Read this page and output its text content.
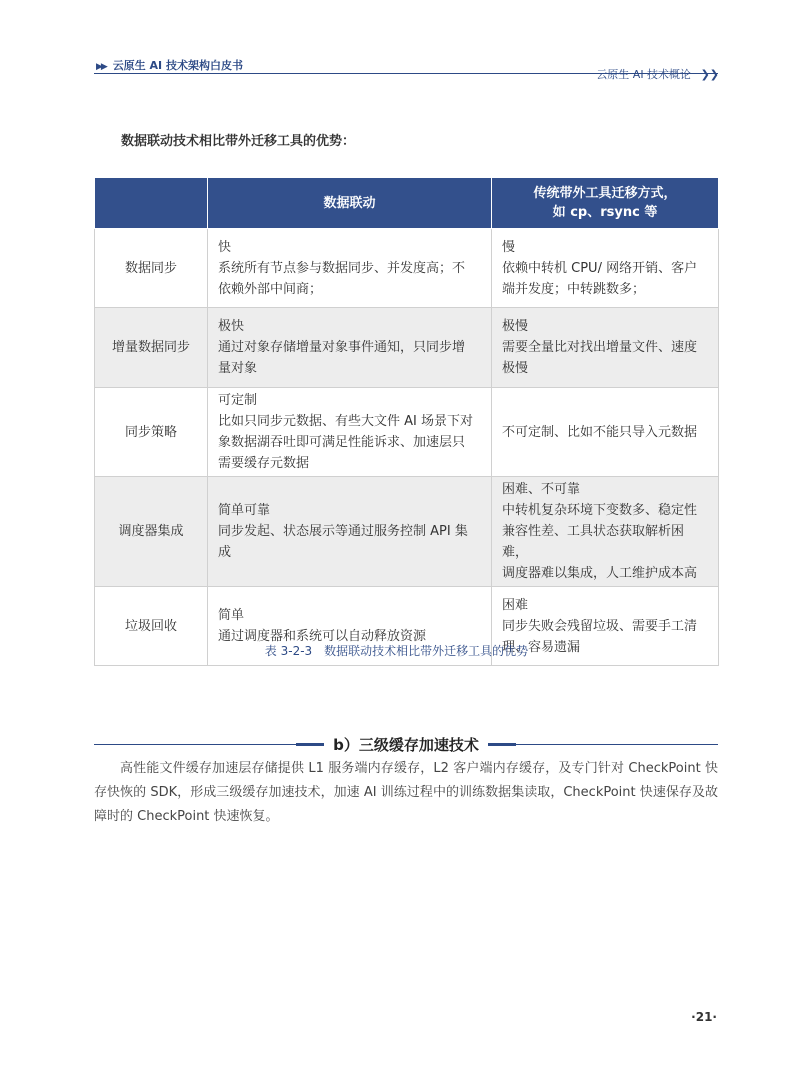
▶▶ 云原生 AI 技术架构白皮书
云原生 AI 技术概论 ❯❯
数据联动技术相比带外迁移工具的优势：
	数据联动	传统带外工具迁移方式，
如 cp、rsync 等

数据同步	快
系统所有节点参与数据同步、并发度高；不
依赖外部中间商；	慢
依赖中转机 CPU/ 网络开销、客户
端并发度；中转跳数多；

增量数据同步	极快
通过对象存储增量对象事件通知，只同步增
量对象	极慢
需要全量比对找出增量文件、速度
极慢

同步策略	可定制
比如只同步元数据、有些大文件 AI 场景下对
象数据湖吞吐即可满足性能诉求、加速层只
需要缓存元数据	不可定制、比如不能只导入元数据

调度器集成	简单可靠
同步发起、状态展示等通过服务控制 API 集
成	困难、不可靠
中转机复杂环境下变数多、稳定性
兼容性差、工具状态获取解析困难，
调度器难以集成，人工维护成本高

垃圾回收	简单
通过调度器和系统可以自动释放资源	困难
同步失败会残留垃圾、需要手工清
理、容易遗漏
表 3-2-3　数据联动技术相比带外迁移工具的优势
b）三级缓存加速技术
高性能文件缓存加速层存储提供 L1 服务端内存缓存，L2 客户端内存缓存，及专门针对 CheckPoint 快存快恢的 SDK，形成三级缓存加速技术，加速 AI 训练过程中的训练数据集读取，CheckPoint 快速保存及故障时的 CheckPoint 快速恢复。
·21·
